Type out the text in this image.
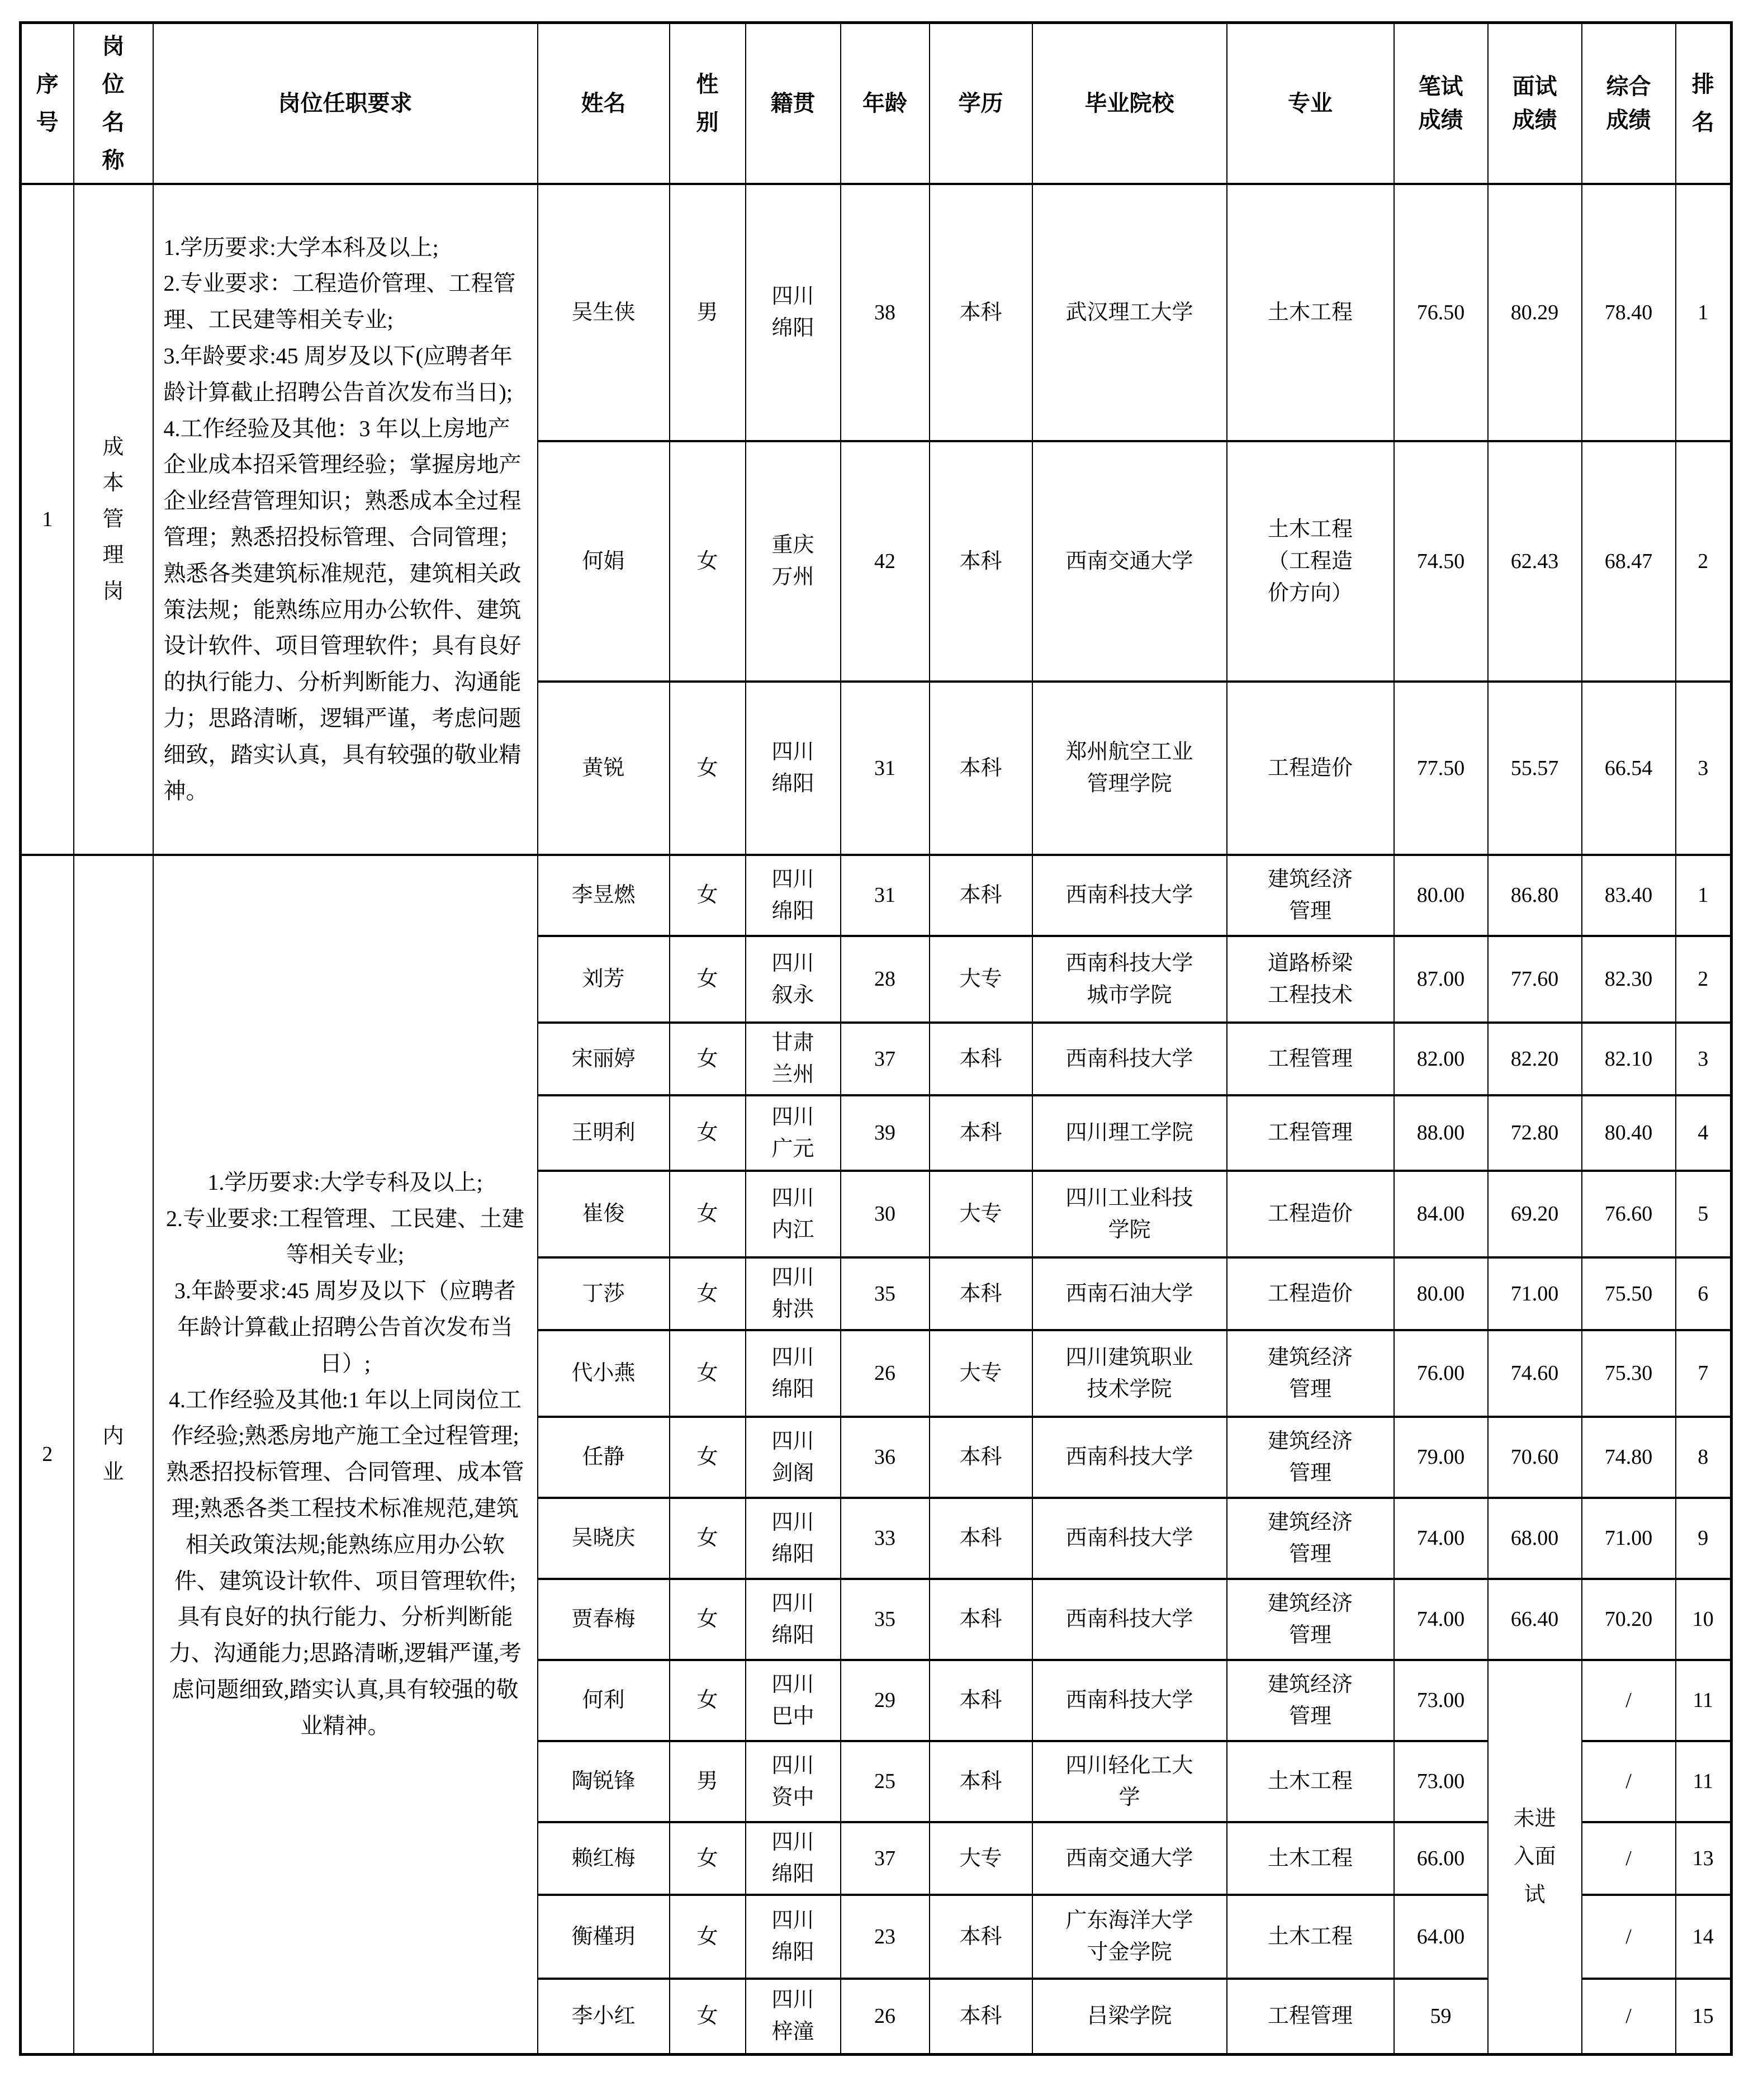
序号	岗位名称	岗位任职要求	姓名	性别	籍贯	年龄	学历	毕业院校	专业	笔试成绩	面试成绩	综合成绩	排名

1	成本管理岗	1.学历要求:大学本科及以上;
2.专业要求：工程造价管理、工程管理、工民建等相关专业;
3.年龄要求:45 周岁及以下(应聘者年龄计算截止招聘公告首次发布当日);
4.工作经验及其他：3 年以上房地产企业成本招采管理经验；掌握房地产企业经营管理知识；熟悉成本全过程管理；熟悉招投标管理、合同管理；熟悉各类建筑标准规范，建筑相关政策法规；能熟练应用办公软件、建筑设计软件、项目管理软件；具有良好的执行能力、分析判断能力、沟通能力；思路清晰，逻辑严谨，考虑问题细致，踏实认真，具有较强的敬业精神。	吴生侠	男	四川绵阳	38	本科	武汉理工大学	土木工程	76.50	80.29	78.40	1
			何娟	女	重庆万州	42	本科	西南交通大学	土木工程（工程造价方向）	74.50	62.43	68.47	2
			黄锐	女	四川绵阳	31	本科	郑州航空工业管理学院	工程造价	77.50	55.57	66.54	3
2	内业	1.学历要求:大学专科及以上;
2.专业要求:工程管理、工民建、土建等相关专业;
3.年龄要求:45 周岁及以下（应聘者年龄计算截止招聘公告首次发布当日）;
4.工作经验及其他:1 年以上同岗位工作经验;熟悉房地产施工全过程管理;熟悉招投标管理、合同管理、成本管理;熟悉各类工程技术标准规范,建筑相关政策法规;能熟练应用办公软件、建筑设计软件、项目管理软件;具有良好的执行能力、分析判断能力、沟通能力;思路清晰,逻辑严谨,考虑问题细致,踏实认真,具有较强的敬业精神。	李昱燃	女	四川绵阳	31	本科	西南科技大学	建筑经济管理	80.00	86.80	83.40	1
			刘芳	女	四川叙永	28	大专	西南科技大学城市学院	道路桥梁工程技术	87.00	77.60	82.30	2
			宋丽婷	女	甘肃兰州	37	本科	西南科技大学	工程管理	82.00	82.20	82.10	3
			王明利	女	四川广元	39	本科	四川理工学院	工程管理	88.00	72.80	80.40	4
			崔俊	女	四川内江	30	大专	四川工业科技学院	工程造价	84.00	69.20	76.60	5
			丁莎	女	四川射洪	35	本科	西南石油大学	工程造价	80.00	71.00	75.50	6
			代小燕	女	四川绵阳	26	大专	四川建筑职业技术学院	建筑经济管理	76.00	74.60	75.30	7
			任静	女	四川剑阁	36	本科	西南科技大学	建筑经济管理	79.00	70.60	74.80	8
			吴晓庆	女	四川绵阳	33	本科	西南科技大学	建筑经济管理	74.00	68.00	71.00	9
			贾春梅	女	四川绵阳	35	本科	西南科技大学	建筑经济管理	74.00	66.40	70.20	10
			何利	女	四川巴中	29	本科	西南科技大学	建筑经济管理	73.00	未进入面试	/	11
			陶锐锋	男	四川资中	25	本科	四川轻化工大学	土木工程	73.00		/	11
			赖红梅	女	四川绵阳	37	大专	西南交通大学	土木工程	66.00		/	13
			衡槿玥	女	四川绵阳	23	本科	广东海洋大学寸金学院	土木工程	64.00		/	14
			李小红	女	四川梓潼	26	本科	吕梁学院	工程管理	59		/	15
